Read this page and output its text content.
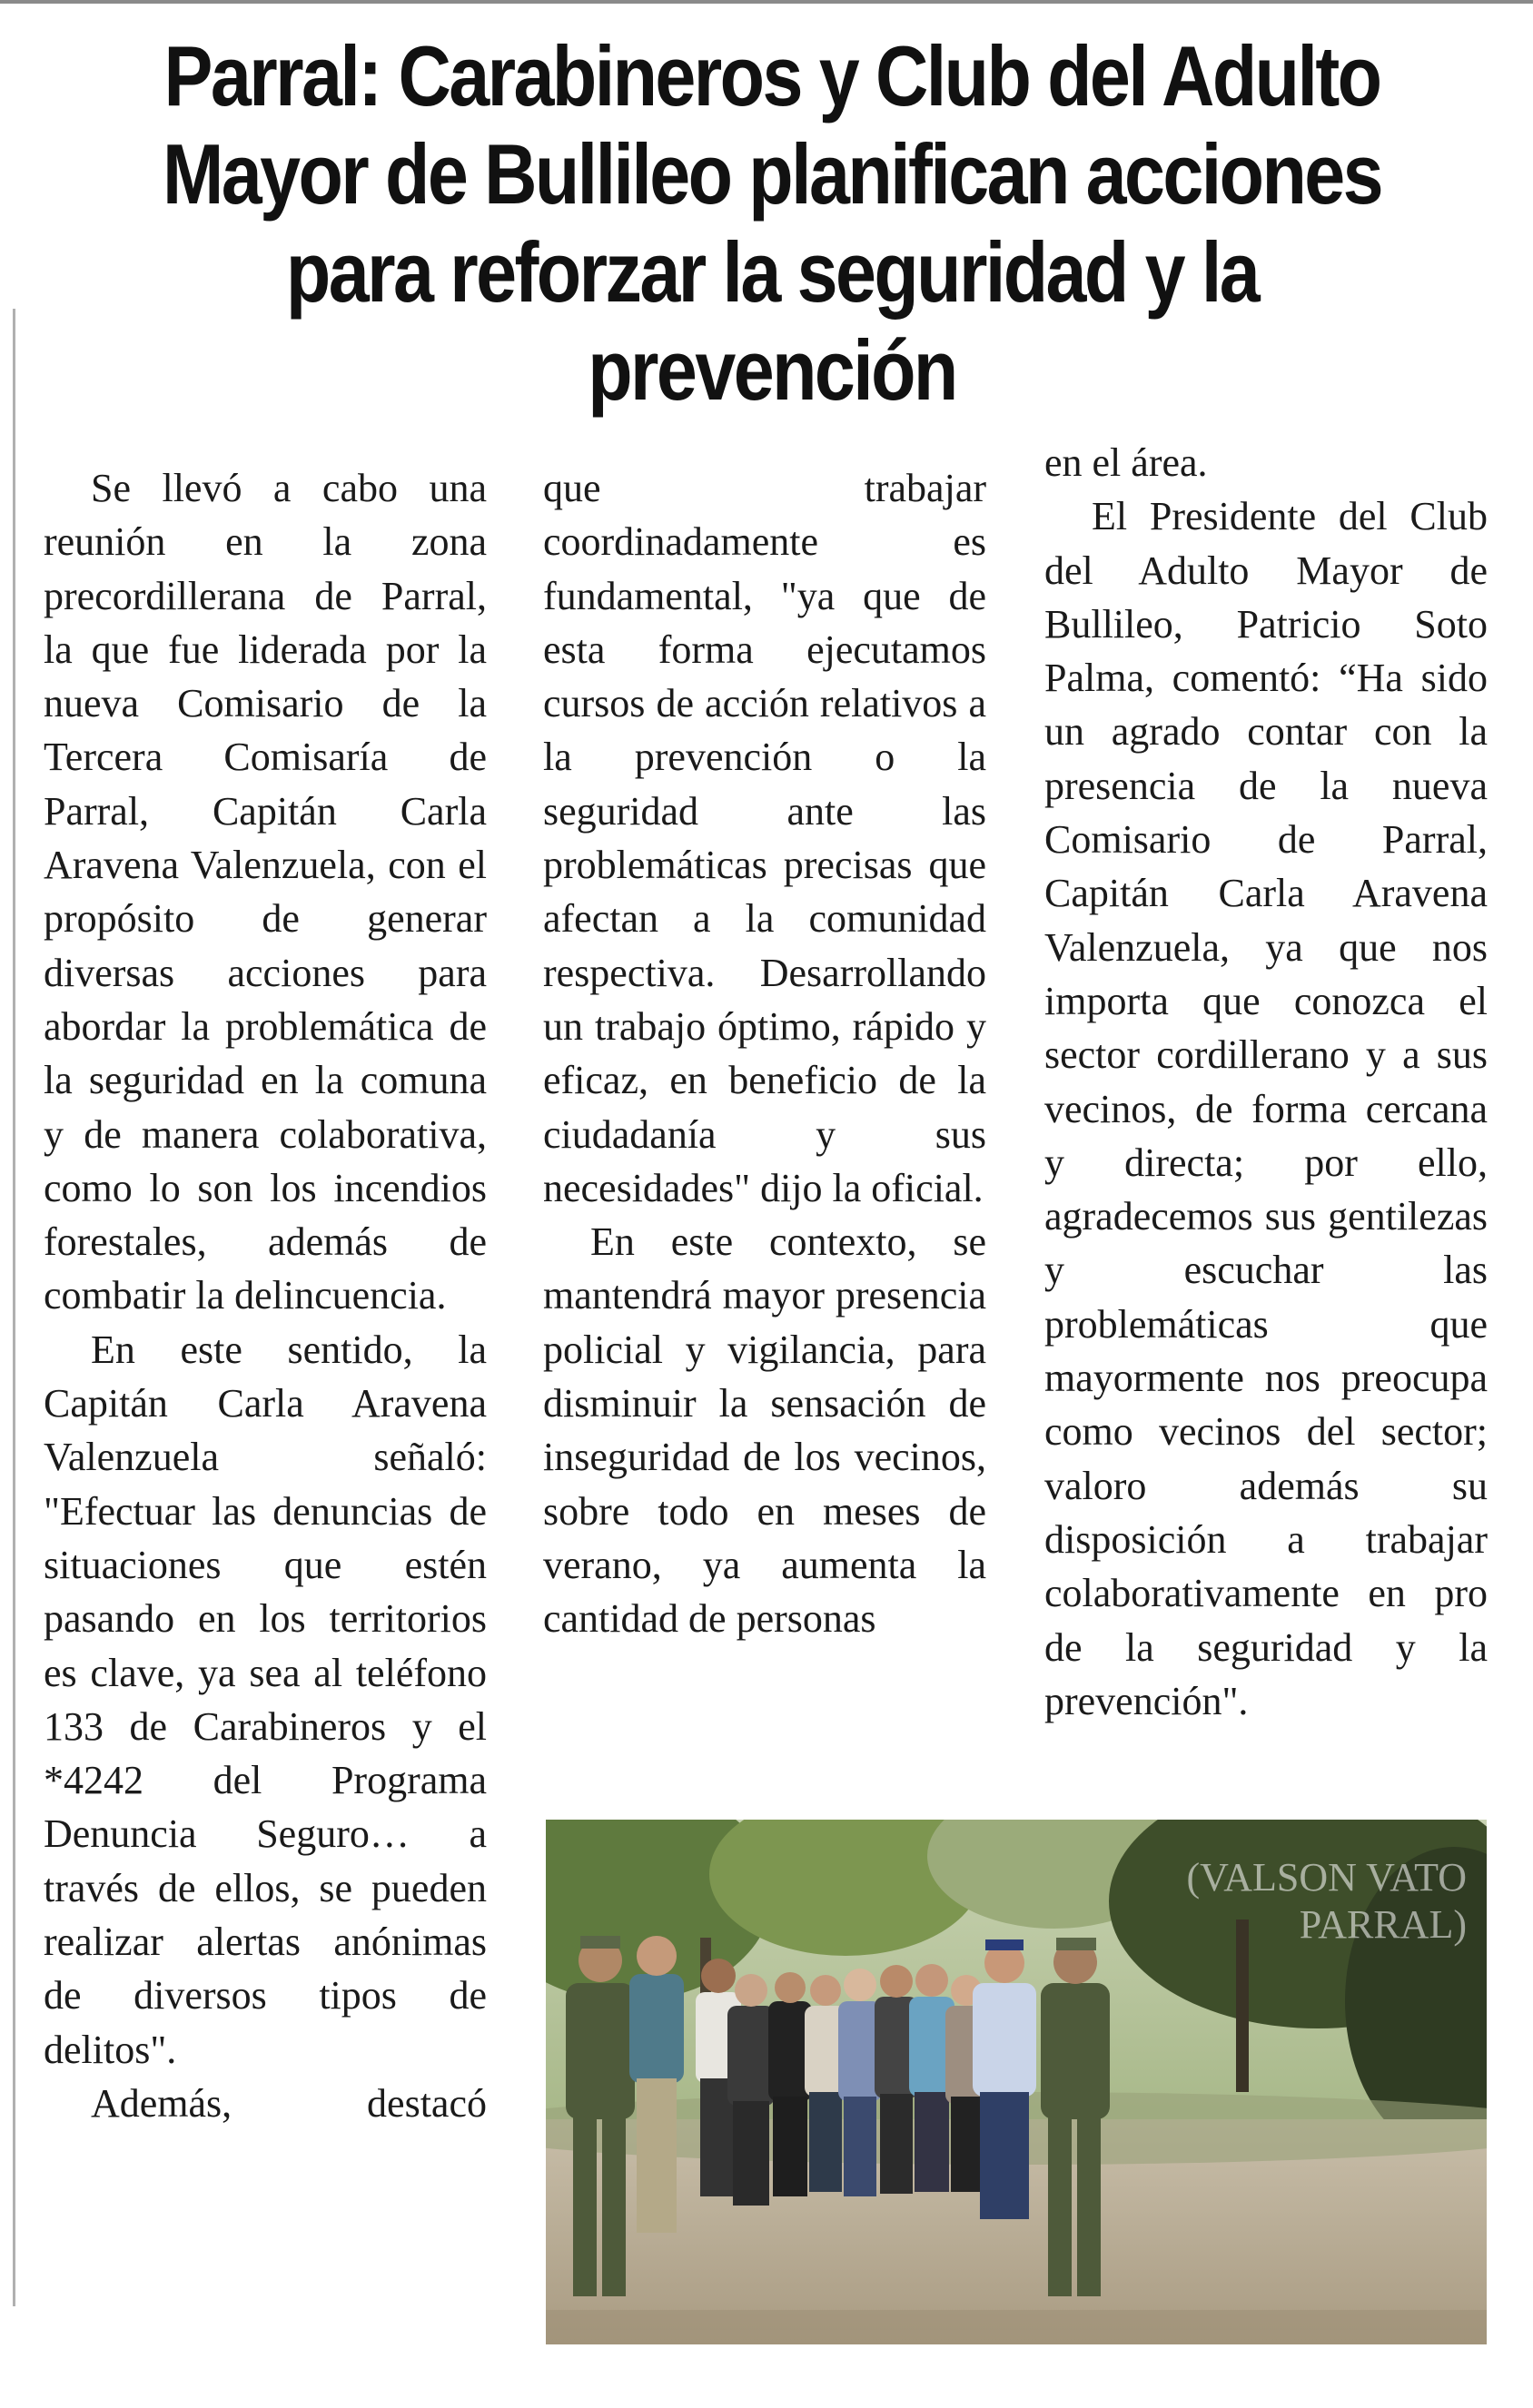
Parral: Carabineros y Club del Adulto Mayor de Bullileo planifican acciones para reforzar la seguridad y la prevención

Se llevó a cabo una reunión en la zona precordillerana de Parral, la que fue liderada por la nueva Comisario de la Tercera Comisaría de Parral, Capitán Carla Aravena Valenzuela, con el propósito de generar diversas acciones para abordar la problemática de la seguridad en la comuna y de manera colaborativa, como lo son los incendios forestales, además de combatir la delincuencia.

En este sentido, la Capitán Carla Aravena Valenzuela señaló: "Efectuar las denuncias de situaciones que estén pasando en los territorios es clave, ya sea al teléfono 133 de Carabineros y el *4242 del Programa Denuncia Seguro… a través de ellos, se pueden realizar alertas anónimas de diversos tipos de delitos".

Además, destacó

que trabajar coordinadamente es fundamental, "ya que de esta forma ejecutamos cursos de acción relativos a la prevención o la seguridad ante las problemáticas precisas que afectan a la comunidad respectiva. Desarrollando un trabajo óptimo, rápido y eficaz, en beneficio de la ciudadanía y sus necesidades" dijo la oficial.

En este contexto, se mantendrá mayor presencia policial y vigilancia, para disminuir la sensación de inseguridad de los vecinos, sobre todo en meses de verano, ya aumenta la cantidad de personas

en el área.

El Presidente del Club del Adulto Mayor de Bullileo, Patricio Soto Palma, comentó: “Ha sido un agrado contar con la presencia de la nueva Comisario de Parral, Capitán Carla Aravena Valenzuela, ya que nos importa que conozca el sector cordillerano y a sus vecinos, de forma cercana y directa; por ello, agradecemos sus gentilezas y escuchar las problemáticas que mayormente nos preocupa como vecinos del sector; valoro además su disposición a trabajar colaborativamente en pro de la seguridad y la prevención".

(VALSON VATO
PARRAL)
